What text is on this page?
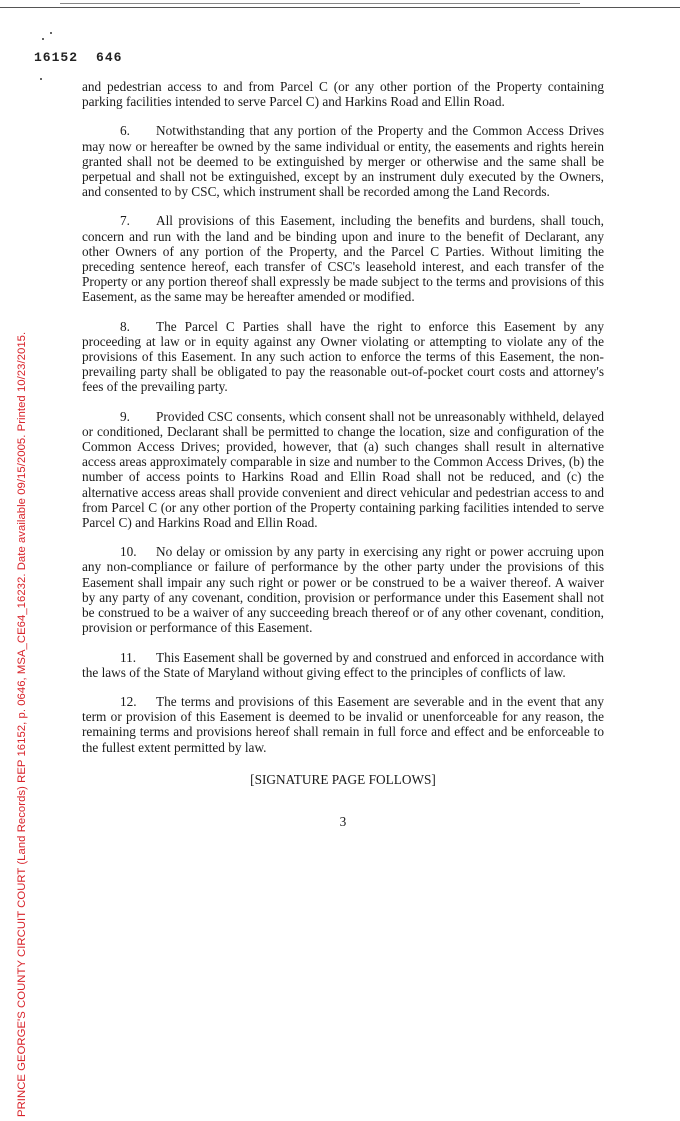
16152 646
PRINCE GEORGE'S COUNTY CIRCUIT COURT (Land Records) REP 16152, p. 0646, MSA_CE64_16232. Date available 09/15/2005. Printed 10/23/2015.

and pedestrian access to and from Parcel C (or any other portion of the Property containing parking facilities intended to serve Parcel C) and Harkins Road and Ellin Road.

6. Notwithstanding that any portion of the Property and the Common Access Drives may now or hereafter be owned by the same individual or entity, the easements and rights herein granted shall not be deemed to be extinguished by merger or otherwise and the same shall be perpetual and shall not be extinguished, except by an instrument duly executed by the Owners, and consented to by CSC, which instrument shall be recorded among the Land Records.

7. All provisions of this Easement, including the benefits and burdens, shall touch, concern and run with the land and be binding upon and inure to the benefit of Declarant, any other Owners of any portion of the Property, and the Parcel C Parties. Without limiting the preceding sentence hereof, each transfer of CSC's leasehold interest, and each transfer of the Property or any portion thereof shall expressly be made subject to the terms and provisions of this Easement, as the same may be hereafter amended or modified.

8. The Parcel C Parties shall have the right to enforce this Easement by any proceeding at law or in equity against any Owner violating or attempting to violate any of the provisions of this Easement. In any such action to enforce the terms of this Easement, the non-prevailing party shall be obligated to pay the reasonable out-of-pocket court costs and attorney's fees of the prevailing party.

9. Provided CSC consents, which consent shall not be unreasonably withheld, delayed or conditioned, Declarant shall be permitted to change the location, size and configuration of the Common Access Drives; provided, however, that (a) such changes shall result in alternative access areas approximately comparable in size and number to the Common Access Drives, (b) the number of access points to Harkins Road and Ellin Road shall not be reduced, and (c) the alternative access areas shall provide convenient and direct vehicular and pedestrian access to and from Parcel C (or any other portion of the Property containing parking facilities intended to serve Parcel C) and Harkins Road and Ellin Road.

10. No delay or omission by any party in exercising any right or power accruing upon any non-compliance or failure of performance by the other party under the provisions of this Easement shall impair any such right or power or be construed to be a waiver thereof. A waiver by any party of any covenant, condition, provision or performance under this Easement shall not be construed to be a waiver of any succeeding breach thereof or of any other covenant, condition, provision or performance of this Easement.

11. This Easement shall be governed by and construed and enforced in accordance with the laws of the State of Maryland without giving effect to the principles of conflicts of law.

12. The terms and provisions of this Easement are severable and in the event that any term or provision of this Easement is deemed to be invalid or unenforceable for any reason, the remaining terms and provisions hereof shall remain in full force and effect and be enforceable to the fullest extent permitted by law.

[SIGNATURE PAGE FOLLOWS]
3
